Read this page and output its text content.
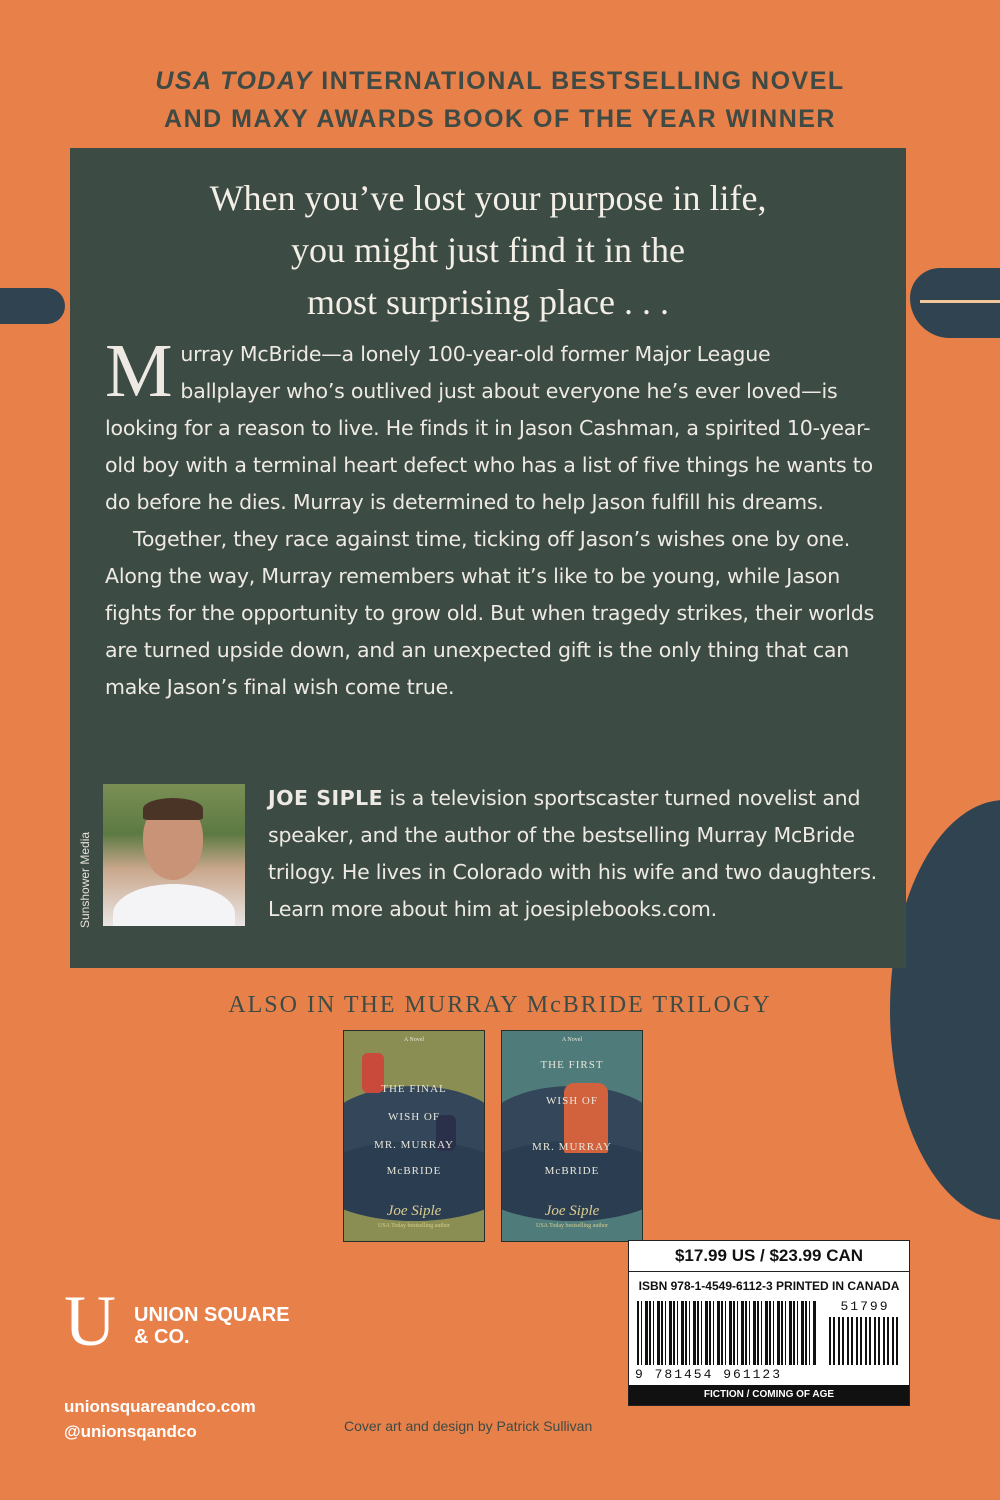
USA TODAY INTERNATIONAL BESTSELLING NOVEL
AND MAXY AWARDS BOOK OF THE YEAR WINNER
When you’ve lost your purpose in life,
you might just find it in the
most surprising place . . .

Murray McBride—a lonely 100-year-old former Major League ballplayer who’s outlived just about everyone he’s ever loved—is looking for a reason to live. He finds it in Jason Cashman, a spirited 10-year-old boy with a terminal heart defect who has a list of five things he wants to do before he dies. Murray is determined to help Jason fulfill his dreams.

Together, they race against time, ticking off Jason’s wishes one by one. Along the way, Murray remembers what it’s like to be young, while Jason fights for the opportunity to grow old. But when tragedy strikes, their worlds are turned upside down, and an unexpected gift is the only thing that can make Jason’s final wish come true.

Sunshower Media
JOE SIPLE is a television sportscaster turned novelist and speaker, and the author of the bestselling Murray McBride trilogy. He lives in Colorado with his wife and two daughters. Learn more about him at joesiplebooks.com.
ALSO IN THE MURRAY McBRIDE TRILOGY
A Novel
THE FINAL
WISH OF
MR. MURRAY
McBRIDE
Joe Siple
USA Today bestselling author
A Novel
THE FIRST
WISH OF
MR. MURRAY
McBRIDE
Joe Siple
USA Today bestselling author
$17.99 US / $23.99 CAN
ISBN 978-1-4549-6112-3 PRINTED IN CANADA
51799
9 781454 961123
FICTION / COMING OF AGE
U UNION SQUARE
& CO.
unionsquareandco.com
@unionsqandco	Cover art and design by Patrick Sullivan
